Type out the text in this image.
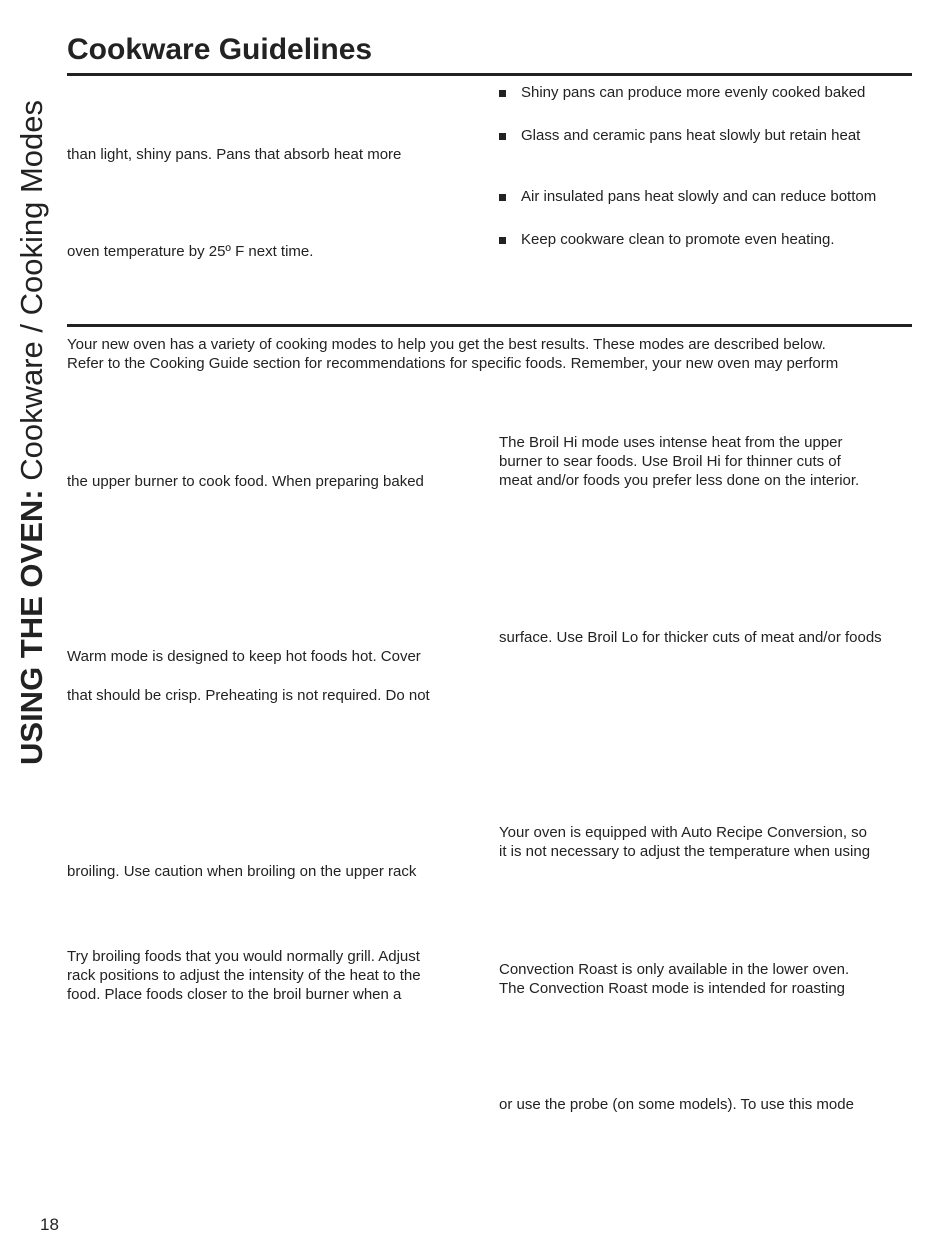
USING THE OVEN: Cookware / Cooking Modes
Cookware Guidelines
than light, shiny pans. Pans that absorb heat more
oven temperature by 25º F next time.
Shiny pans can produce more evenly cooked baked
Glass and ceramic pans heat slowly but retain heat
Air insulated pans heat slowly and can reduce bottom
Keep cookware clean to promote even heating.
Your new oven has a variety of cooking modes to help you get the best results. These modes are described below.
Refer to the Cooking Guide section for recommendations for specific foods. Remember, your new oven may perform
the upper burner to cook food. When preparing baked
Warm mode is designed to keep hot foods hot. Cover
that should be crisp. Preheating is not required. Do not
broiling. Use caution when broiling on the upper rack
Try broiling foods that you would normally grill. Adjust
rack positions to adjust the intensity of the heat to the
food. Place foods closer to the broil burner when a
The Broil Hi mode uses intense heat from the upper
burner to sear foods. Use Broil Hi for thinner cuts of
meat and/or foods you prefer less done on the interior.
surface. Use Broil Lo for thicker cuts of meat and/or foods
Your oven is equipped with Auto Recipe Conversion, so
it is not necessary to adjust the temperature when using
Convection Roast is only available in the lower oven.
The Convection Roast mode is intended for roasting
or use the probe (on some models). To use this mode
18
